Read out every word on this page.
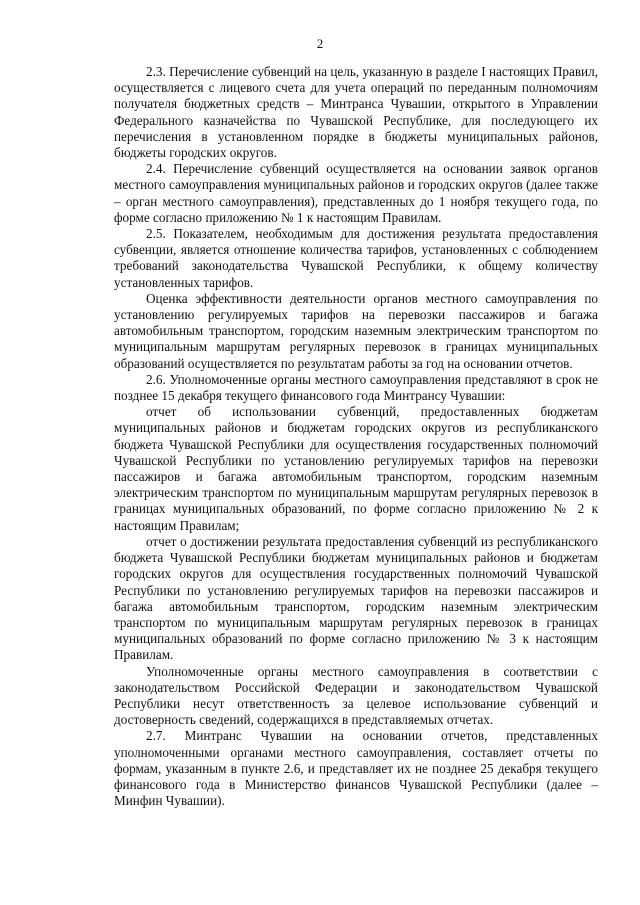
2

2.3. Перечисление субвенций на цель, указанную в разделе I настоящих Правил, осуществляется с лицевого счета для учета операций по переданным полномочиям получателя бюджетных средств – Минтранса Чувашии, открытого в Управлении Федерального казначейства по Чувашской Республике, для последующего их перечисления в установленном порядке в бюджеты муниципальных районов, бюджеты городских округов.

2.4. Перечисление субвенций осуществляется на основании заявок органов местного самоуправления муниципальных районов и городских округов (далее также – орган местного самоуправления), представленных до 1 ноября текущего года, по форме согласно приложению № 1 к настоящим Правилам.

2.5. Показателем, необходимым для достижения результата предоставления субвенции, является отношение количества тарифов, установленных с соблюдением требований законодательства Чувашской Республики, к общему количеству установленных тарифов.

Оценка эффективности деятельности органов местного самоуправления по установлению регулируемых тарифов на перевозки пассажиров и багажа автомобильным транспортом, городским наземным электрическим транспортом по муниципальным маршрутам регулярных перевозок в границах муниципальных образований осуществляется по результатам работы за год на основании отчетов.

2.6. Уполномоченные органы местного самоуправления представляют в срок не позднее 15 декабря текущего финансового года Минтрансу Чувашии:

отчет об использовании субвенций, предоставленных бюджетам муниципальных районов и бюджетам городских округов из республиканского бюджета Чувашской Республики для осуществления государственных полномочий Чувашской Республики по установлению регулируемых тарифов на перевозки пассажиров и багажа автомобильным транспортом, городским наземным электрическим транспортом по муниципальным маршрутам регулярных перевозок в границах муниципальных образований, по форме согласно приложению № 2 к настоящим Правилам;

отчет о достижении результата предоставления субвенций из республиканского бюджета Чувашской Республики бюджетам муниципальных районов и бюджетам городских округов для осуществления государственных полномочий Чувашской Республики по установлению регулируемых тарифов на перевозки пассажиров и багажа автомобильным транспортом, городским наземным электрическим транспортом по муниципальным маршрутам регулярных перевозок в границах муниципальных образований по форме согласно приложению № 3 к настоящим Правилам.

Уполномоченные органы местного самоуправления в соответствии с законодательством Российской Федерации и законодательством Чувашской Республики несут ответственность за целевое использование субвенций и достоверность сведений, содержащихся в представляемых отчетах.

2.7. Минтранс Чувашии на основании отчетов, представленных уполномоченными органами местного самоуправления, составляет отчеты по формам, указанным в пункте 2.6, и представляет их не позднее 25 декабря текущего финансового года в Министерство финансов Чувашской Республики (далее – Минфин Чувашии).
